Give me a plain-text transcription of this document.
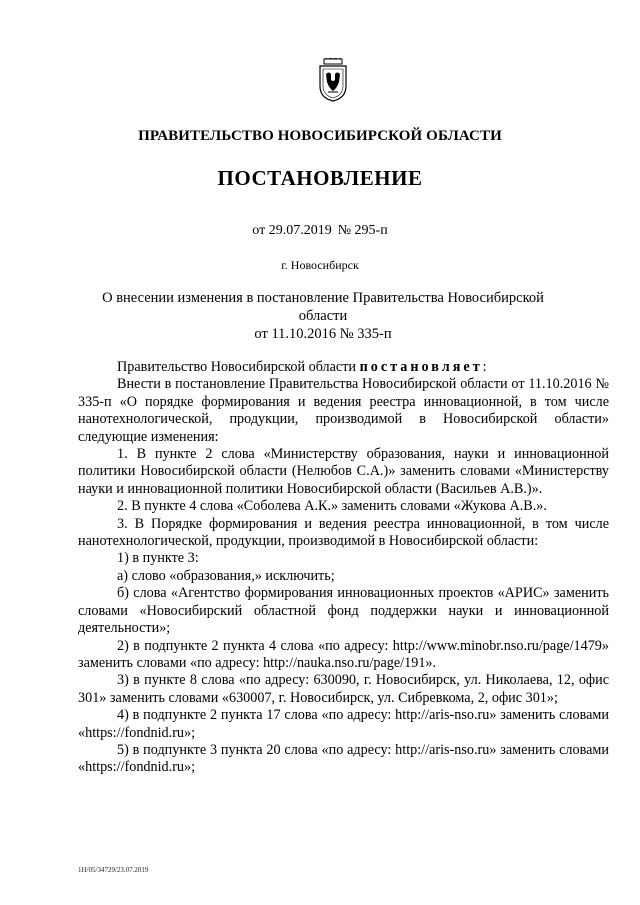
ПРАВИТЕЛЬСТВО НОВОСИБИРСКОЙ ОБЛАСТИ
ПОСТАНОВЛЕНИЕ
от 29.07.2019 № 295-п
г. Новосибирск
О внесении изменения в постановление Правительства Новосибирской области
от 11.10.2016 № 335-п

Правительство Новосибирской области постановляет:

Внести в постановление Правительства Новосибирской области от 11.10.2016 № 335-п «О порядке формирования и ведения реестра инновационной, в том числе нанотехнологической, продукции, производимой в Новосибирской области» следующие изменения:

1. В пункте 2 слова «Министерству образования, науки и инновационной политики Новосибирской области (Нелюбов С.А.)» заменить словами «Министерству науки и инновационной политики Новосибирской области (Васильев А.В.)».

2. В пункте 4 слова «Соболева А.К.» заменить словами «Жукова А.В.».

3. В Порядке формирования и ведения реестра инновационной, в том числе нанотехнологической, продукции, производимой в Новосибирской области:

1) в пункте 3:

а) слово «образования,» исключить;

б) слова «Агентство формирования инновационных проектов «АРИС» заменить словами «Новосибирский областной фонд поддержки науки и инновационной деятельности»;

2) в подпункте 2 пункта 4 слова «по адресу: http://www.minobr.nso.ru/page/1479» заменить словами «по адресу: http://nauka.nso.ru/page/191».

3) в пункте 8 слова «по адресу: 630090, г. Новосибирск, ул. Николаева, 12, офис 301» заменить словами «630007, г. Новосибирск, ул. Сибревкома, 2, офис 301»;

4) в подпункте 2 пункта 17 слова «по адресу: http://aris-nso.ru» заменить словами «https://fondnid.ru»;

5) в подпункте 3 пункта 20 слова «по адресу: http://aris-nso.ru» заменить словами «https://fondnid.ru»;

1Н/05/34729/23.07.2019
